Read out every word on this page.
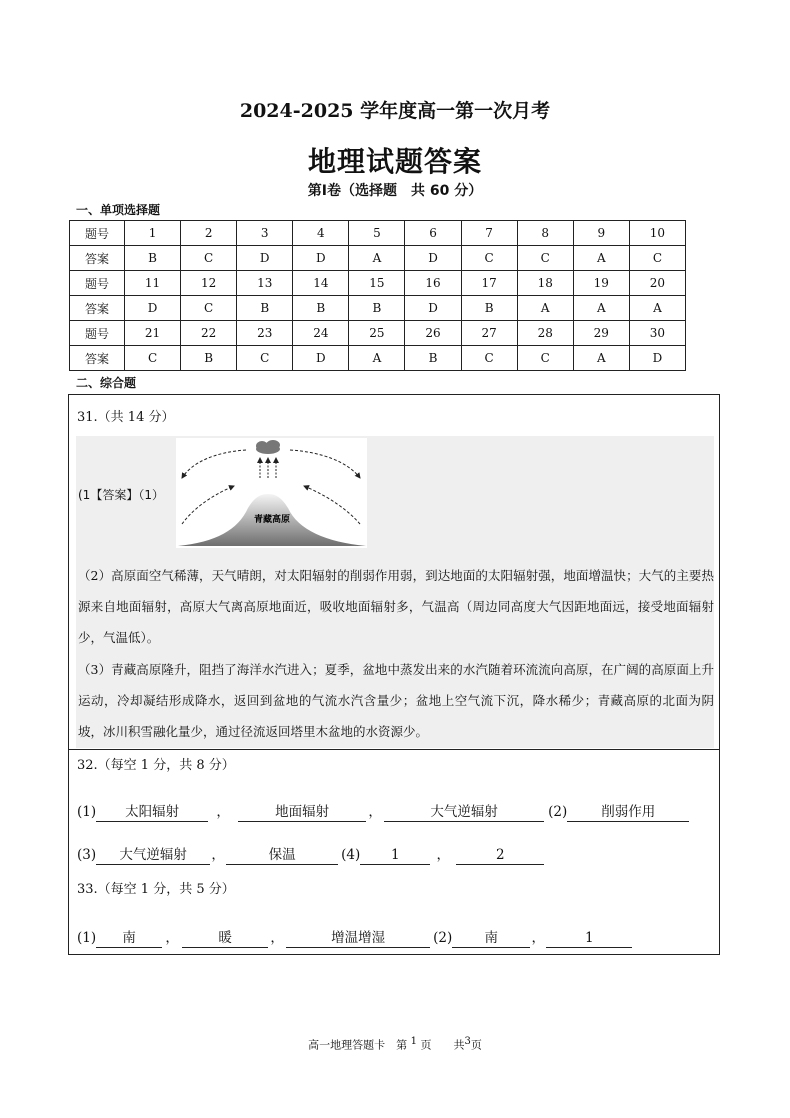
2024-2025 学年度高一第一次月考
地理试题答案
第Ⅰ卷（选择题　共 60 分）
一、单项选择题
题号	1	2	3	4	5	6	7	8	9	10
答案	B	C	D	D	A	D	C	C	A	C
题号	11	12	13	14	15	16	17	18	19	20
答案	D	C	B	B	B	D	B	A	A	A
题号	21	22	23	24	25	26	27	28	29	30
答案	C	B	C	D	A	B	C	C	A	D
二、综合题
31.（共 14 分）
(1【答案】（1）
青藏高原
（2）高原面空气稀薄，天气晴朗，对太阳辐射的削弱作用弱，到达地面的太阳辐射强，地面增温快；大气的主要热源来自地面辐射，高原大气离高原地面近，吸收地面辐射多，气温高（周边同高度大气因距地面远，接受地面辐射少，气温低）。
（3）青藏高原隆升，阻挡了海洋水汽进入；夏季，盆地中蒸发出来的水汽随着环流流向高原，在广阔的高原面上升运动，冷却凝结形成降水，返回到盆地的气流水汽含量少；盆地上空气流下沉，降水稀少；青藏高原的北面为阴坡，冰川积雪融化量少，通过径流返回塔里木盆地的水资源少。
32.（每空 1 分，共 8 分）
(1) 太阳辐射	，	地面辐射	，	大气逆辐射	(2)	削弱作用
(3) 大气逆辐射 ，	保温	(4) 1	，	2
33.（每空 1 分，共 5 分）
(1) 南 ，	暖	，	增温增湿	(2) 南 ，	1
高一地理答题卡　第 $^1$ 页　　共$^3$页
